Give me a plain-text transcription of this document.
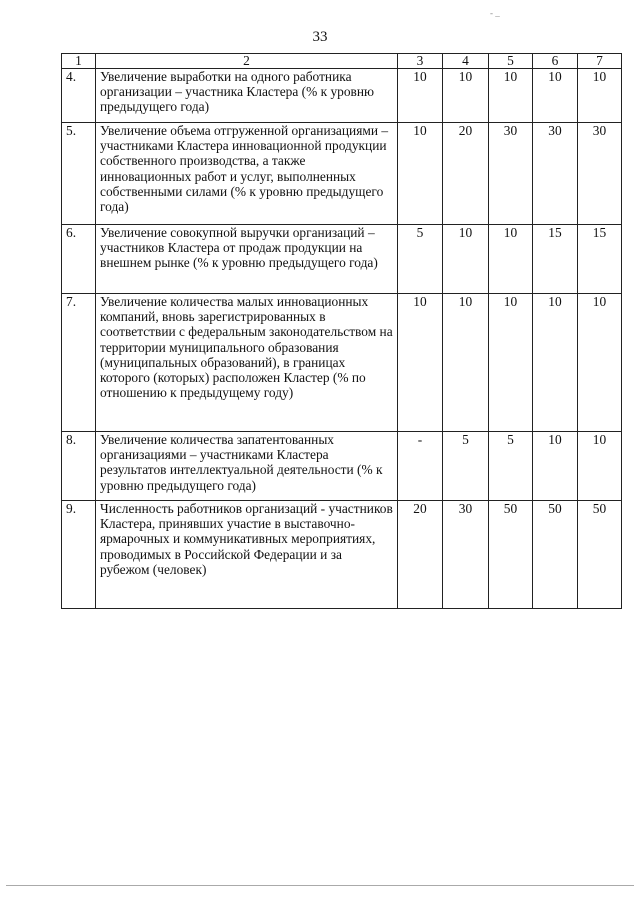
33
- _
1	2	3	4	5	6	7
4.	Увеличение выработки на одного работника организации – участника Кластера (% к уровню предыдущего года)	10	10	10	10	10
5.	Увеличение объема отгруженной организациями – участниками Кластера инновационной продукции собственного производства, а также инновационных работ и услуг, выполненных собственными силами (% к уровню предыдущего года)	10	20	30	30	30
6.	Увеличение совокупной выручки организаций – участников Кластера от продаж продукции на внешнем рынке (% к уровню предыдущего года)	5	10	10	15	15
7.	Увеличение количества малых инновационных компаний, вновь зарегистрированных в соответствии с федеральным законодательством на территории муниципального образования (муниципальных образований), в границах которого (которых) расположен Кластер (% по отношению к предыдущему году)	10	10	10	10	10
8.	Увеличение количества запатентованных организациями – участниками Кластера результатов интеллектуальной деятельности (% к уровню предыдущего года)	-	5	5	10	10
9.	Численность работников организаций - участников Кластера, принявших участие в выставочно-ярмарочных и коммуникативных мероприятиях, проводимых в Российской Федерации и за рубежом (человек)	20	30	50	50	50
